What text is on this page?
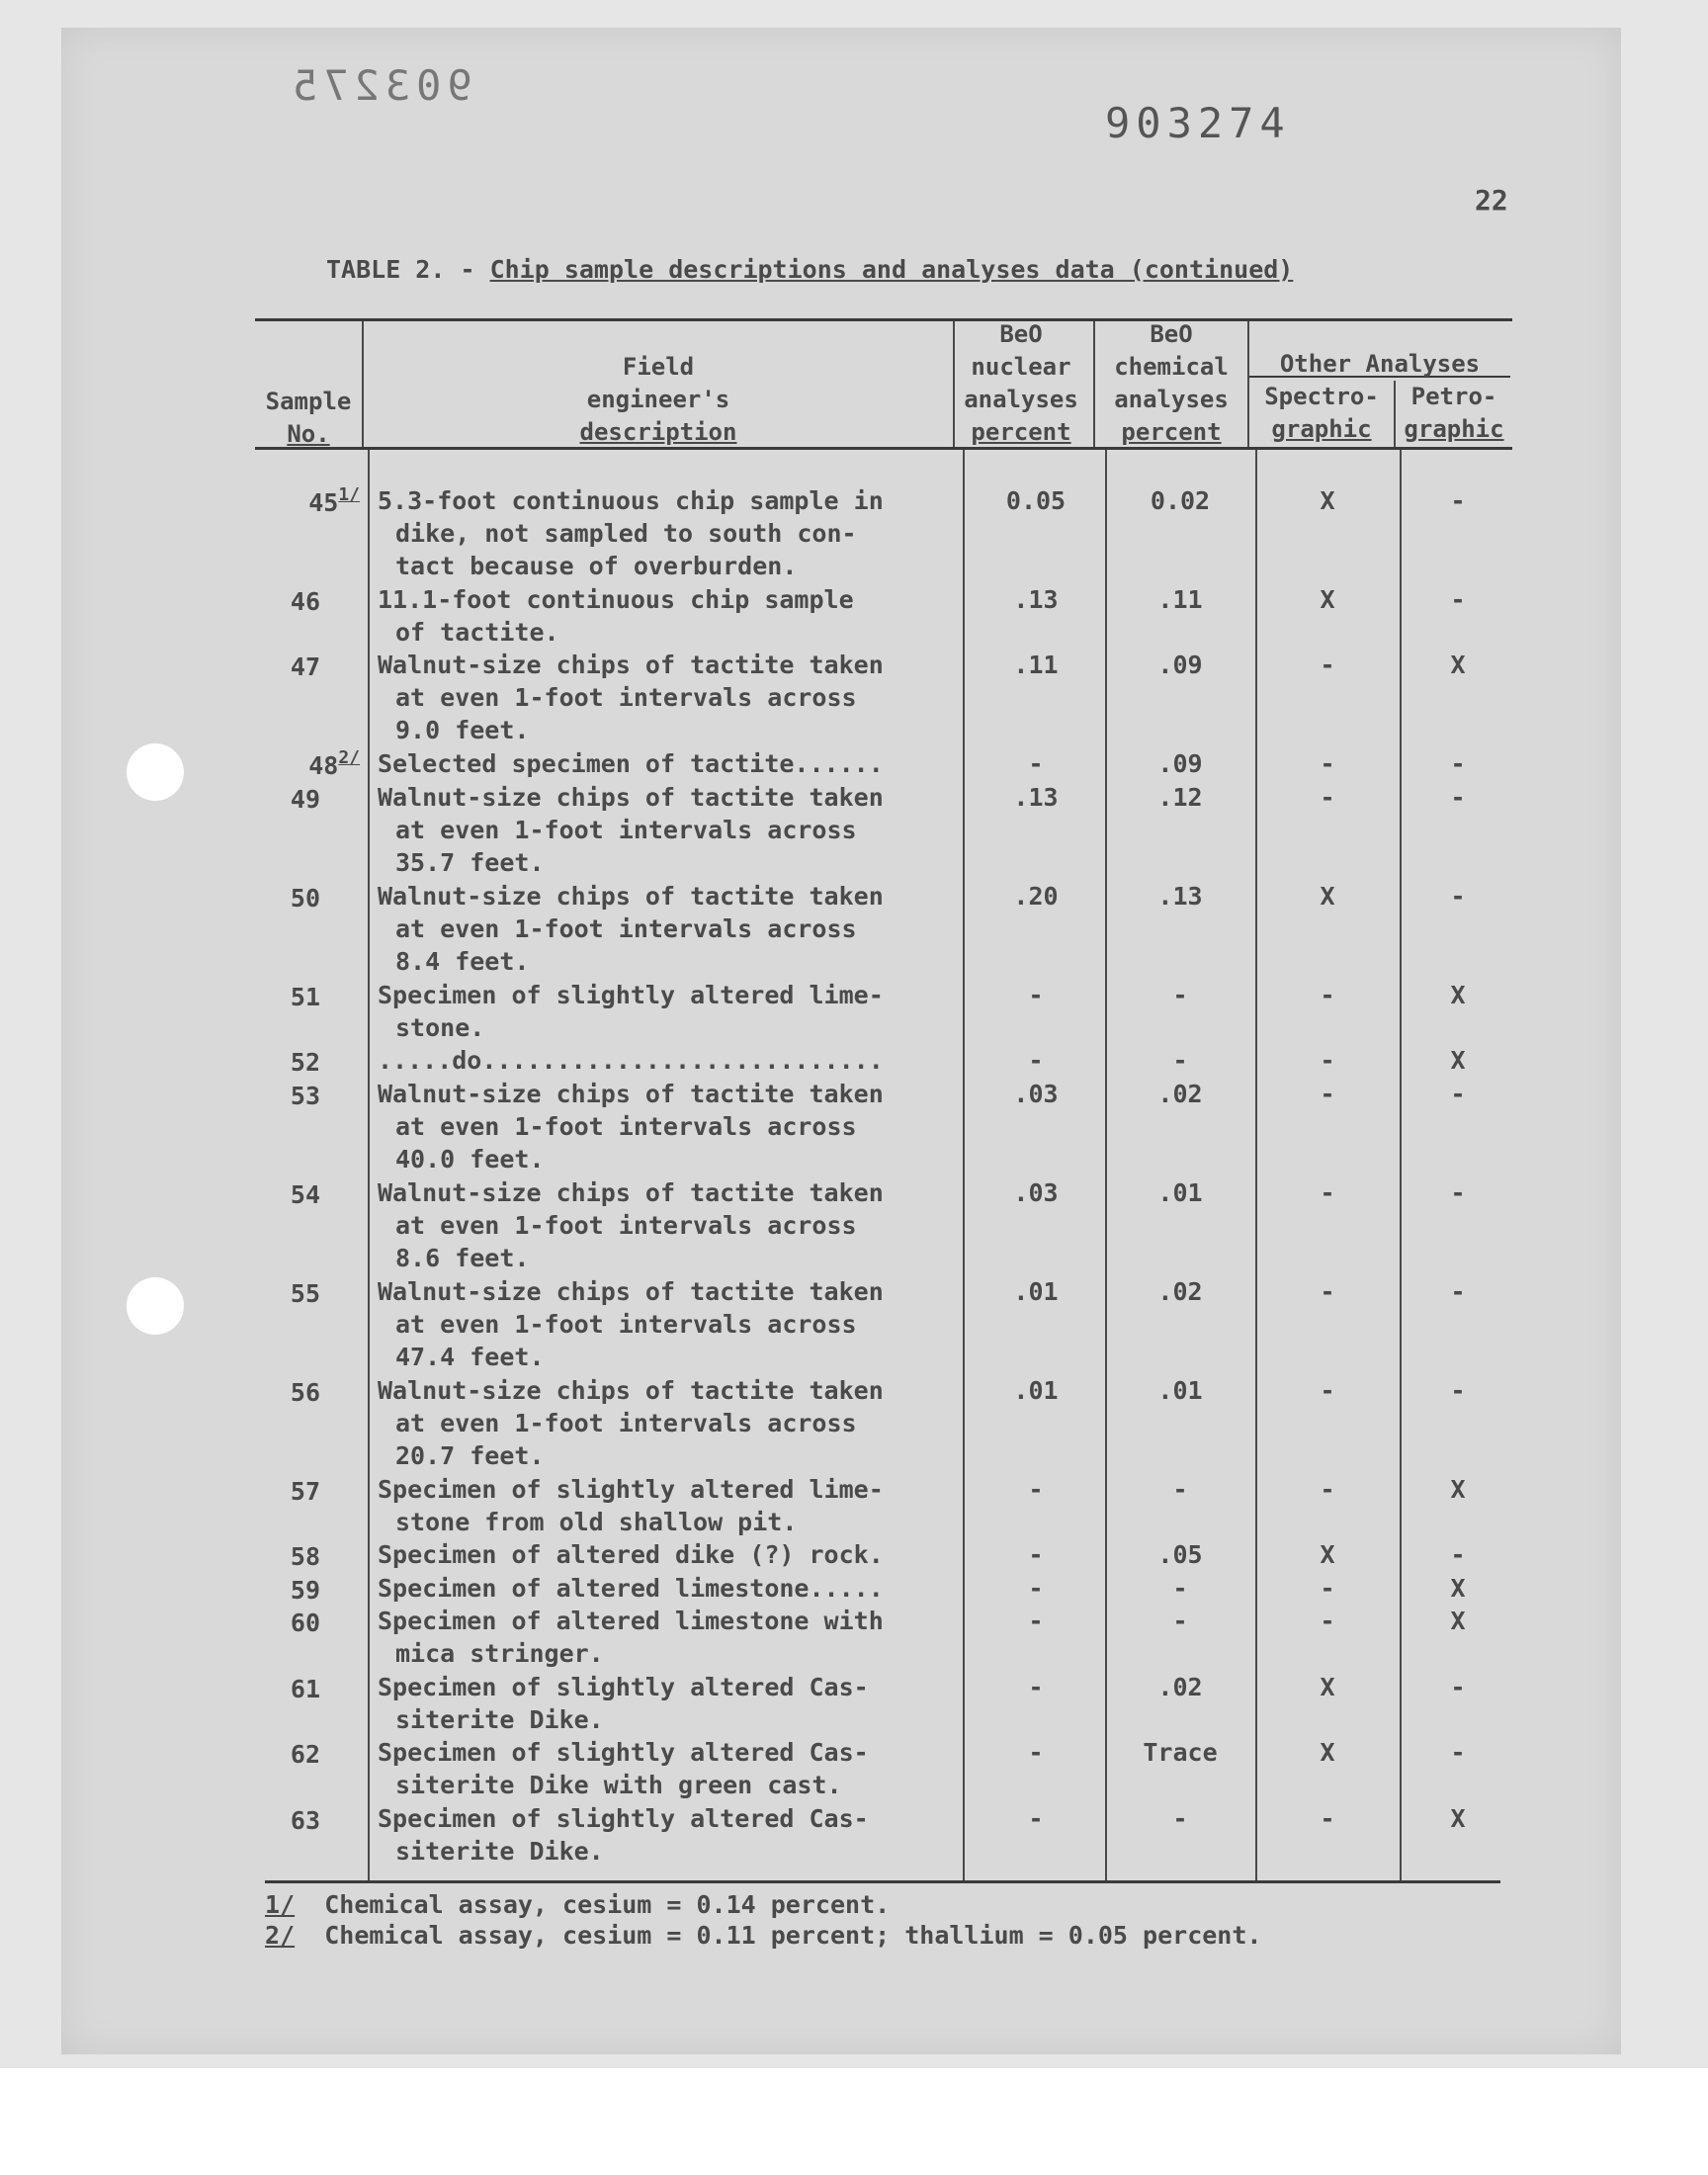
903275
903274
22
TABLE 2. - Chip sample descriptions and analyses data (continued)
Sample
No.
Field
engineer's
description
BeO
nuclear
analyses
percent
BeO
chemical
analyses
percent
Other Analyses
Spectro-
graphic
Petro-
graphic
$45^{1/}$ 5.3-foot continuous chip sample in
dike, not sampled to south con-
tact because of overburden.
0.05	0.02	X	-
46 11.1-foot continuous chip sample
of tactite.
.13	.11	X	-
47 Walnut-size chips of tactite taken
at even 1-foot intervals across
9.0 feet.
.11	.09	-	X
$48^{2/}$ Selected specimen of tactite......	-	.09	-	-
49 Walnut-size chips of tactite taken
at even 1-foot intervals across
35.7 feet.
.13	.12	-	-
50 Walnut-size chips of tactite taken
at even 1-foot intervals across
8.4 feet.
.20	.13	X	-
51 Specimen of slightly altered lime-
stone.
-	-	-	X
52 .....do...........................	-	-	-	X
53 Walnut-size chips of tactite taken
at even 1-foot intervals across
40.0 feet.
.03	.02	-	-
54 Walnut-size chips of tactite taken
at even 1-foot intervals across
8.6 feet.
.03	.01	-	-
55 Walnut-size chips of tactite taken
at even 1-foot intervals across
47.4 feet.
.01	.02	-	-
56 Walnut-size chips of tactite taken
at even 1-foot intervals across
20.7 feet.
.01	.01	-	-
57 Specimen of slightly altered lime-
stone from old shallow pit.
-	-	-	X
58 Specimen of altered dike (?) rock.	-	.05	X	-
59 Specimen of altered limestone.....	-	-	-	X
60 Specimen of altered limestone with
mica stringer.
-	-	-	X
61 Specimen of slightly altered Cas-
siterite Dike.
-	.02	X	-
62 Specimen of slightly altered Cas-
siterite Dike with green cast.
-	Trace	X	-
63 Specimen of slightly altered Cas-
siterite Dike.
-	-	-	X
1/ Chemical assay, cesium = 0.14 percent.
2/ Chemical assay, cesium = 0.11 percent; thallium = 0.05 percent.
